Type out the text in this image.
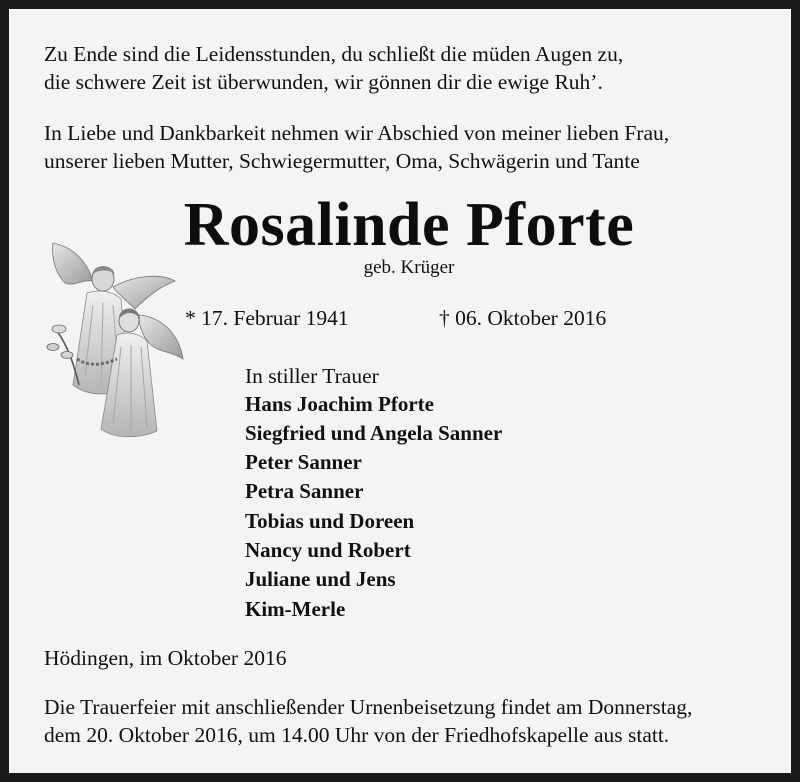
Zu Ende sind die Leidensstunden, du schließt die müden Augen zu,
die schwere Zeit ist überwunden, wir gönnen dir die ewige Ruh’.
In Liebe und Dankbarkeit nehmen wir Abschied von meiner lieben Frau,
unserer lieben Mutter, Schwiegermutter, Oma, Schwägerin und Tante
Rosalinde Pforte
geb. Krüger
* 17. Februar 1941	† 06. Oktober 2016
In stiller Trauer
Hans Joachim Pforte
Siegfried und Angela Sanner
Peter Sanner
Petra Sanner
Tobias und Doreen
Nancy und Robert
Juliane und Jens
Kim-Merle
Hödingen, im Oktober 2016
Die Trauerfeier mit anschließender Urnenbeisetzung findet am Donnerstag,
dem 20. Oktober 2016, um 14.00 Uhr von der Friedhofskapelle aus statt.
